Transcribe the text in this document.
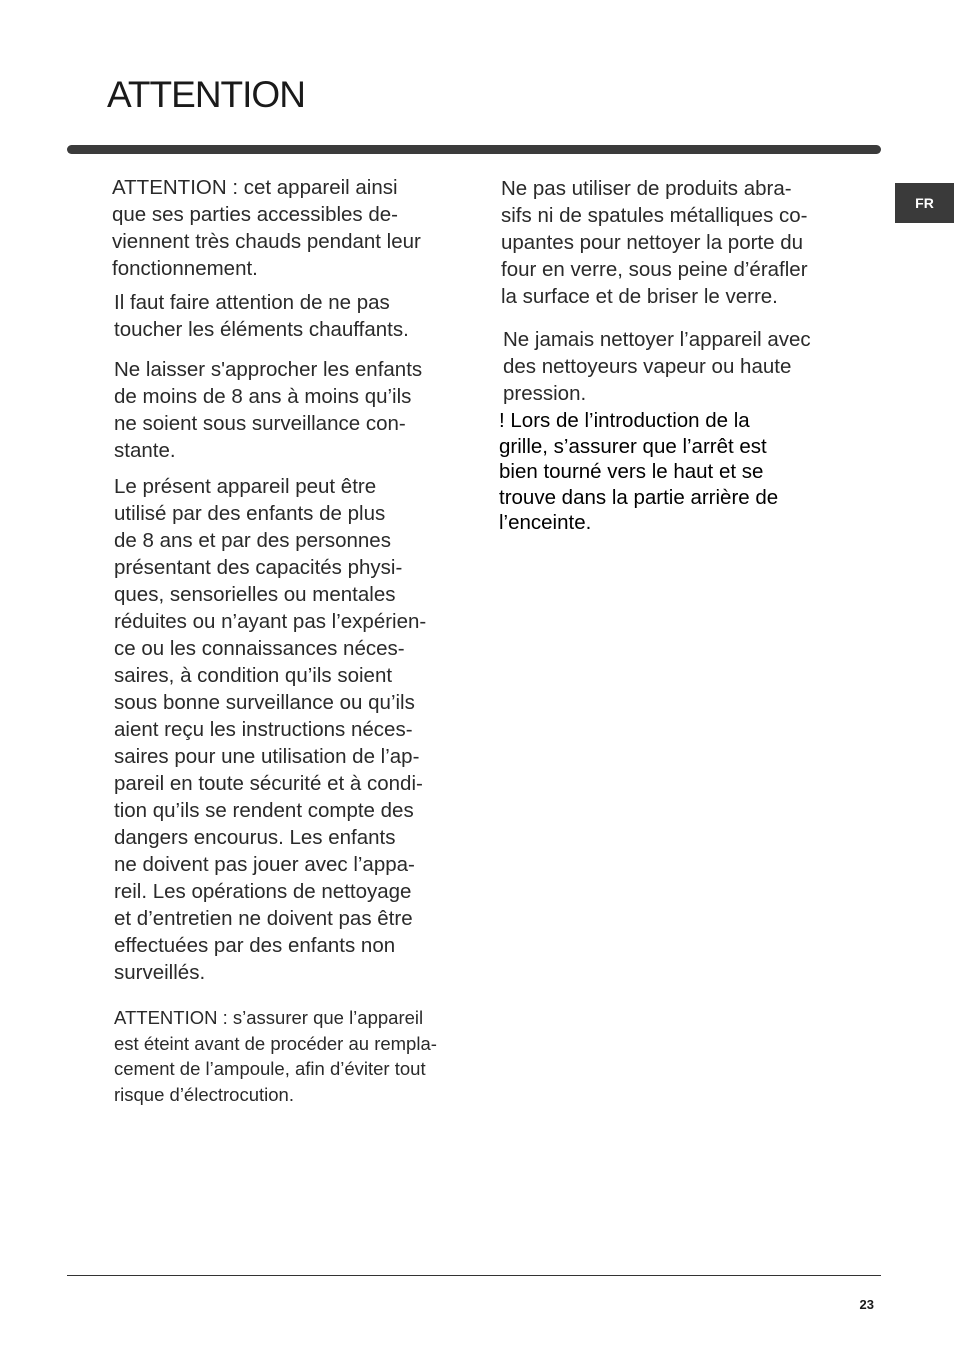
ATTENTION
FR

ATTENTION : cet appareil ainsi
que ses parties accessibles de-
viennent très chauds pendant leur
fonctionnement.

Il faut faire attention de ne pas
toucher les éléments chauffants.

Ne laisser s'approcher les enfants
de moins de 8 ans à moins qu’ils
ne soient sous surveillance con-
stante.

Le présent appareil peut être
utilisé par des enfants de plus
de 8 ans et par des personnes
présentant des capacités physi-
ques, sensorielles ou mentales
réduites ou n’ayant pas l’expérien-
ce ou les connaissances néces-
saires, à condition qu’ils soient
sous bonne surveillance ou qu’ils
aient reçu les instructions néces-
saires pour une utilisation de l’ap-
pareil en toute sécurité et à condi-
tion qu’ils se rendent compte des
dangers encourus. Les enfants
ne doivent pas jouer avec l’appa-
reil. Les opérations de nettoyage
et d’entretien ne doivent pas être
effectuées par des enfants non
surveillés.

ATTENTION : s’assurer que l’appareil
est éteint avant de procéder au rempla-
cement de l’ampoule, afin d’éviter tout
risque d’électrocution.

Ne pas utiliser de produits abra-
sifs ni de spatules métalliques co-
upantes pour nettoyer la porte du
four en verre, sous peine d’érafler
la surface et de briser le verre.

Ne jamais nettoyer l’appareil avec
des nettoyeurs vapeur ou haute
pression.

! Lors de l’introduction de la
grille, s’assurer que l’arrêt est
bien tourné vers le haut et se
trouve dans la partie arrière de
l’enceinte.

23
